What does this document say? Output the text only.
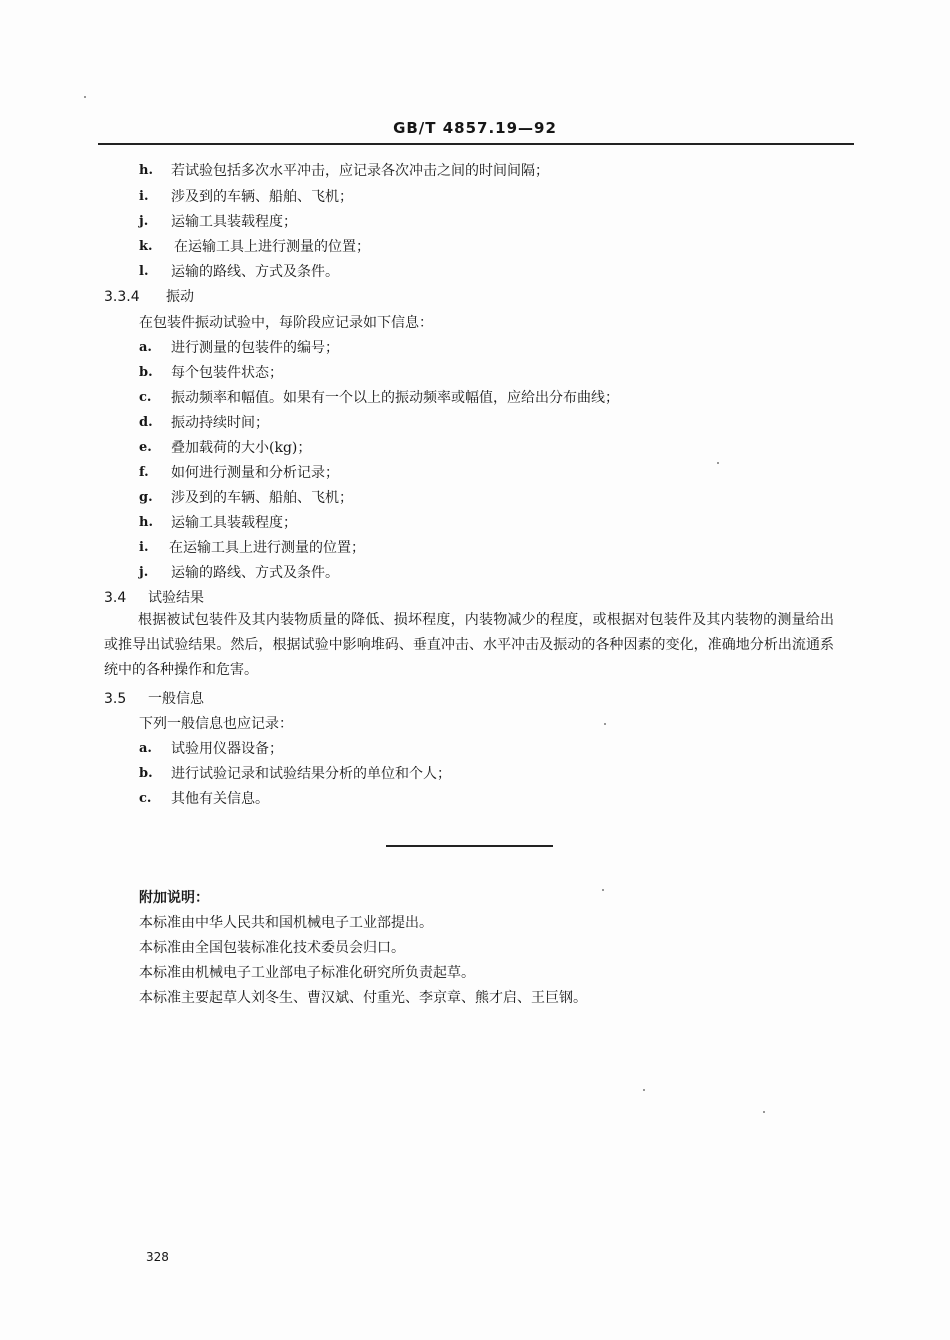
GB/T 4857.19—92
h. 若试验包括多次水平冲击，应记录各次冲击之间的时间间隔；
i. 涉及到的车辆、船舶、飞机；
j. 运输工具装载程度；
k. 在运输工具上进行测量的位置；
l. 运输的路线、方式及条件。
3.3.4 振动
在包装件振动试验中，每阶段应记录如下信息：
a. 进行测量的包装件的编号；
b. 每个包装件状态；
c. 振动频率和幅值。如果有一个以上的振动频率或幅值，应给出分布曲线；
d. 振动持续时间；
e. 叠加载荷的大小(kg)；
f. 如何进行测量和分析记录；
g. 涉及到的车辆、船舶、飞机；
h. 运输工具装载程度；
i. 在运输工具上进行测量的位置；
j. 运输的路线、方式及条件。
3.4 试验结果
根据被试包装件及其内装物质量的降低、损坏程度，内装物减少的程度，或根据对包装件及其内装物的测量给出或推导出试验结果。然后，根据试验中影响堆码、垂直冲击、水平冲击及振动的各种因素的变化，准确地分析出流通系统中的各种操作和危害。
3.5 一般信息
下列一般信息也应记录：
a. 试验用仪器设备；
b. 进行试验记录和试验结果分析的单位和个人；
c. 其他有关信息。
附加说明：
本标准由中华人民共和国机械电子工业部提出。
本标准由全国包装标准化技术委员会归口。
本标准由机械电子工业部电子标准化研究所负责起草。
本标准主要起草人刘冬生、曹汉斌、付重光、李京章、熊才启、王巨钢。
328
